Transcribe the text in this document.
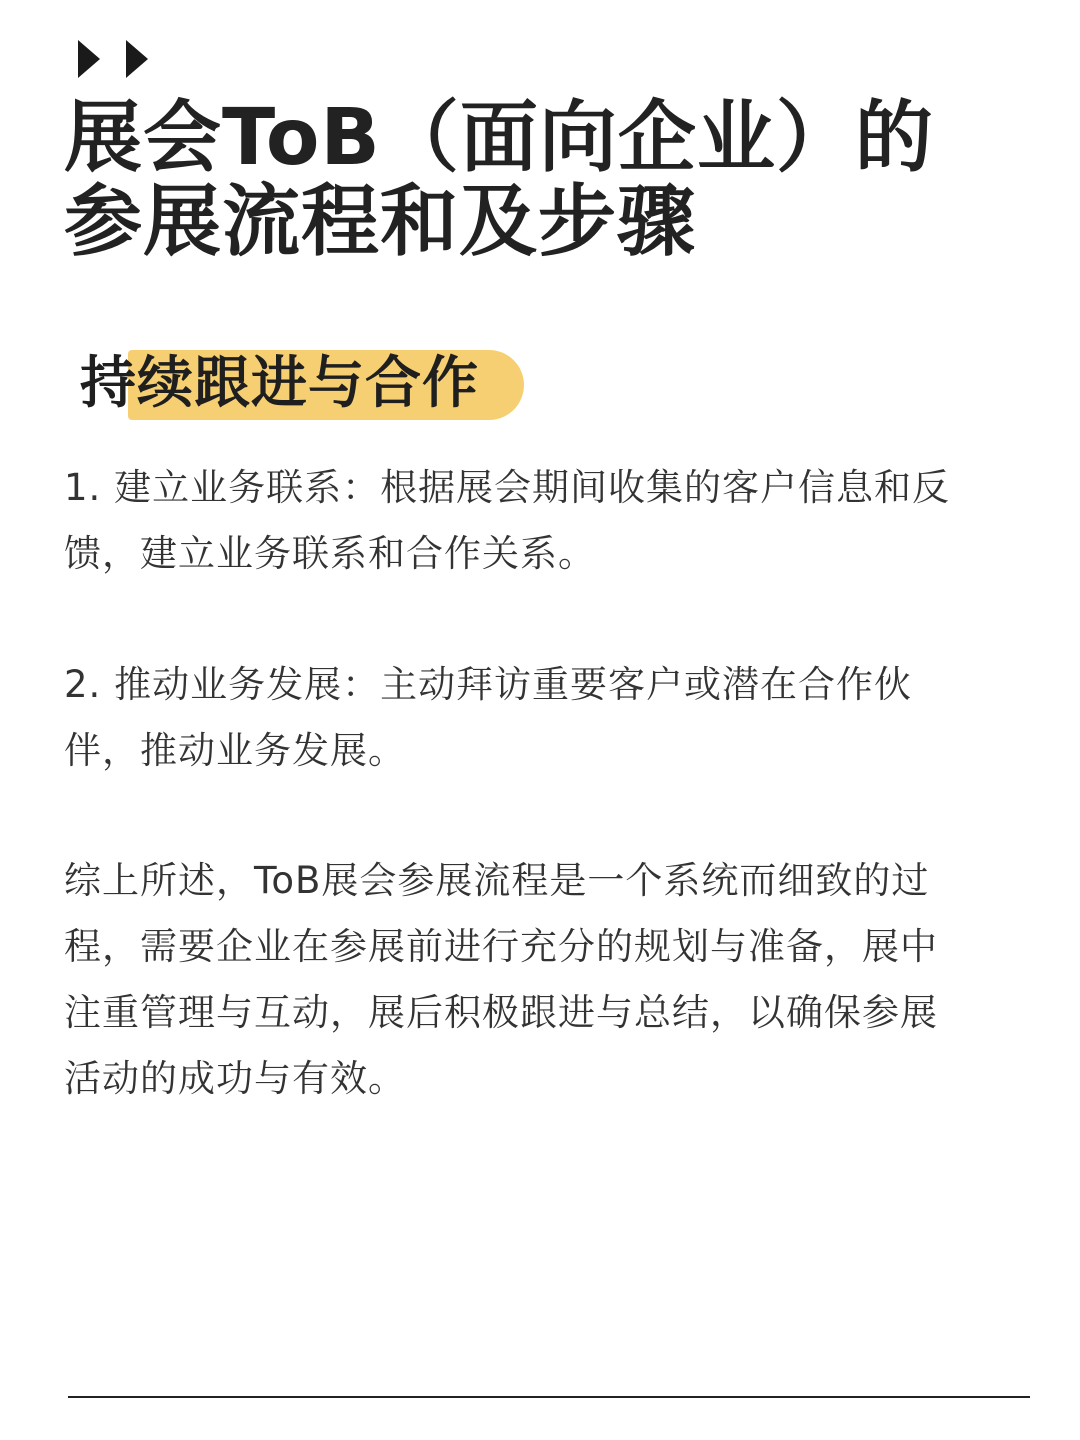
展会ToB（面向企业）的
参展流程和及步骤
持续跟进与合作

1. 建立业务联系：根据展会期间收集的客户信息和反
馈，建立业务联系和合作关系。

2. 推动业务发展：主动拜访重要客户或潜在合作伙
伴，推动业务发展。

综上所述，ToB展会参展流程是一个系统而细致的过
程，需要企业在参展前进行充分的规划与准备，展中
注重管理与互动，展后积极跟进与总结，以确保参展
活动的成功与有效。
